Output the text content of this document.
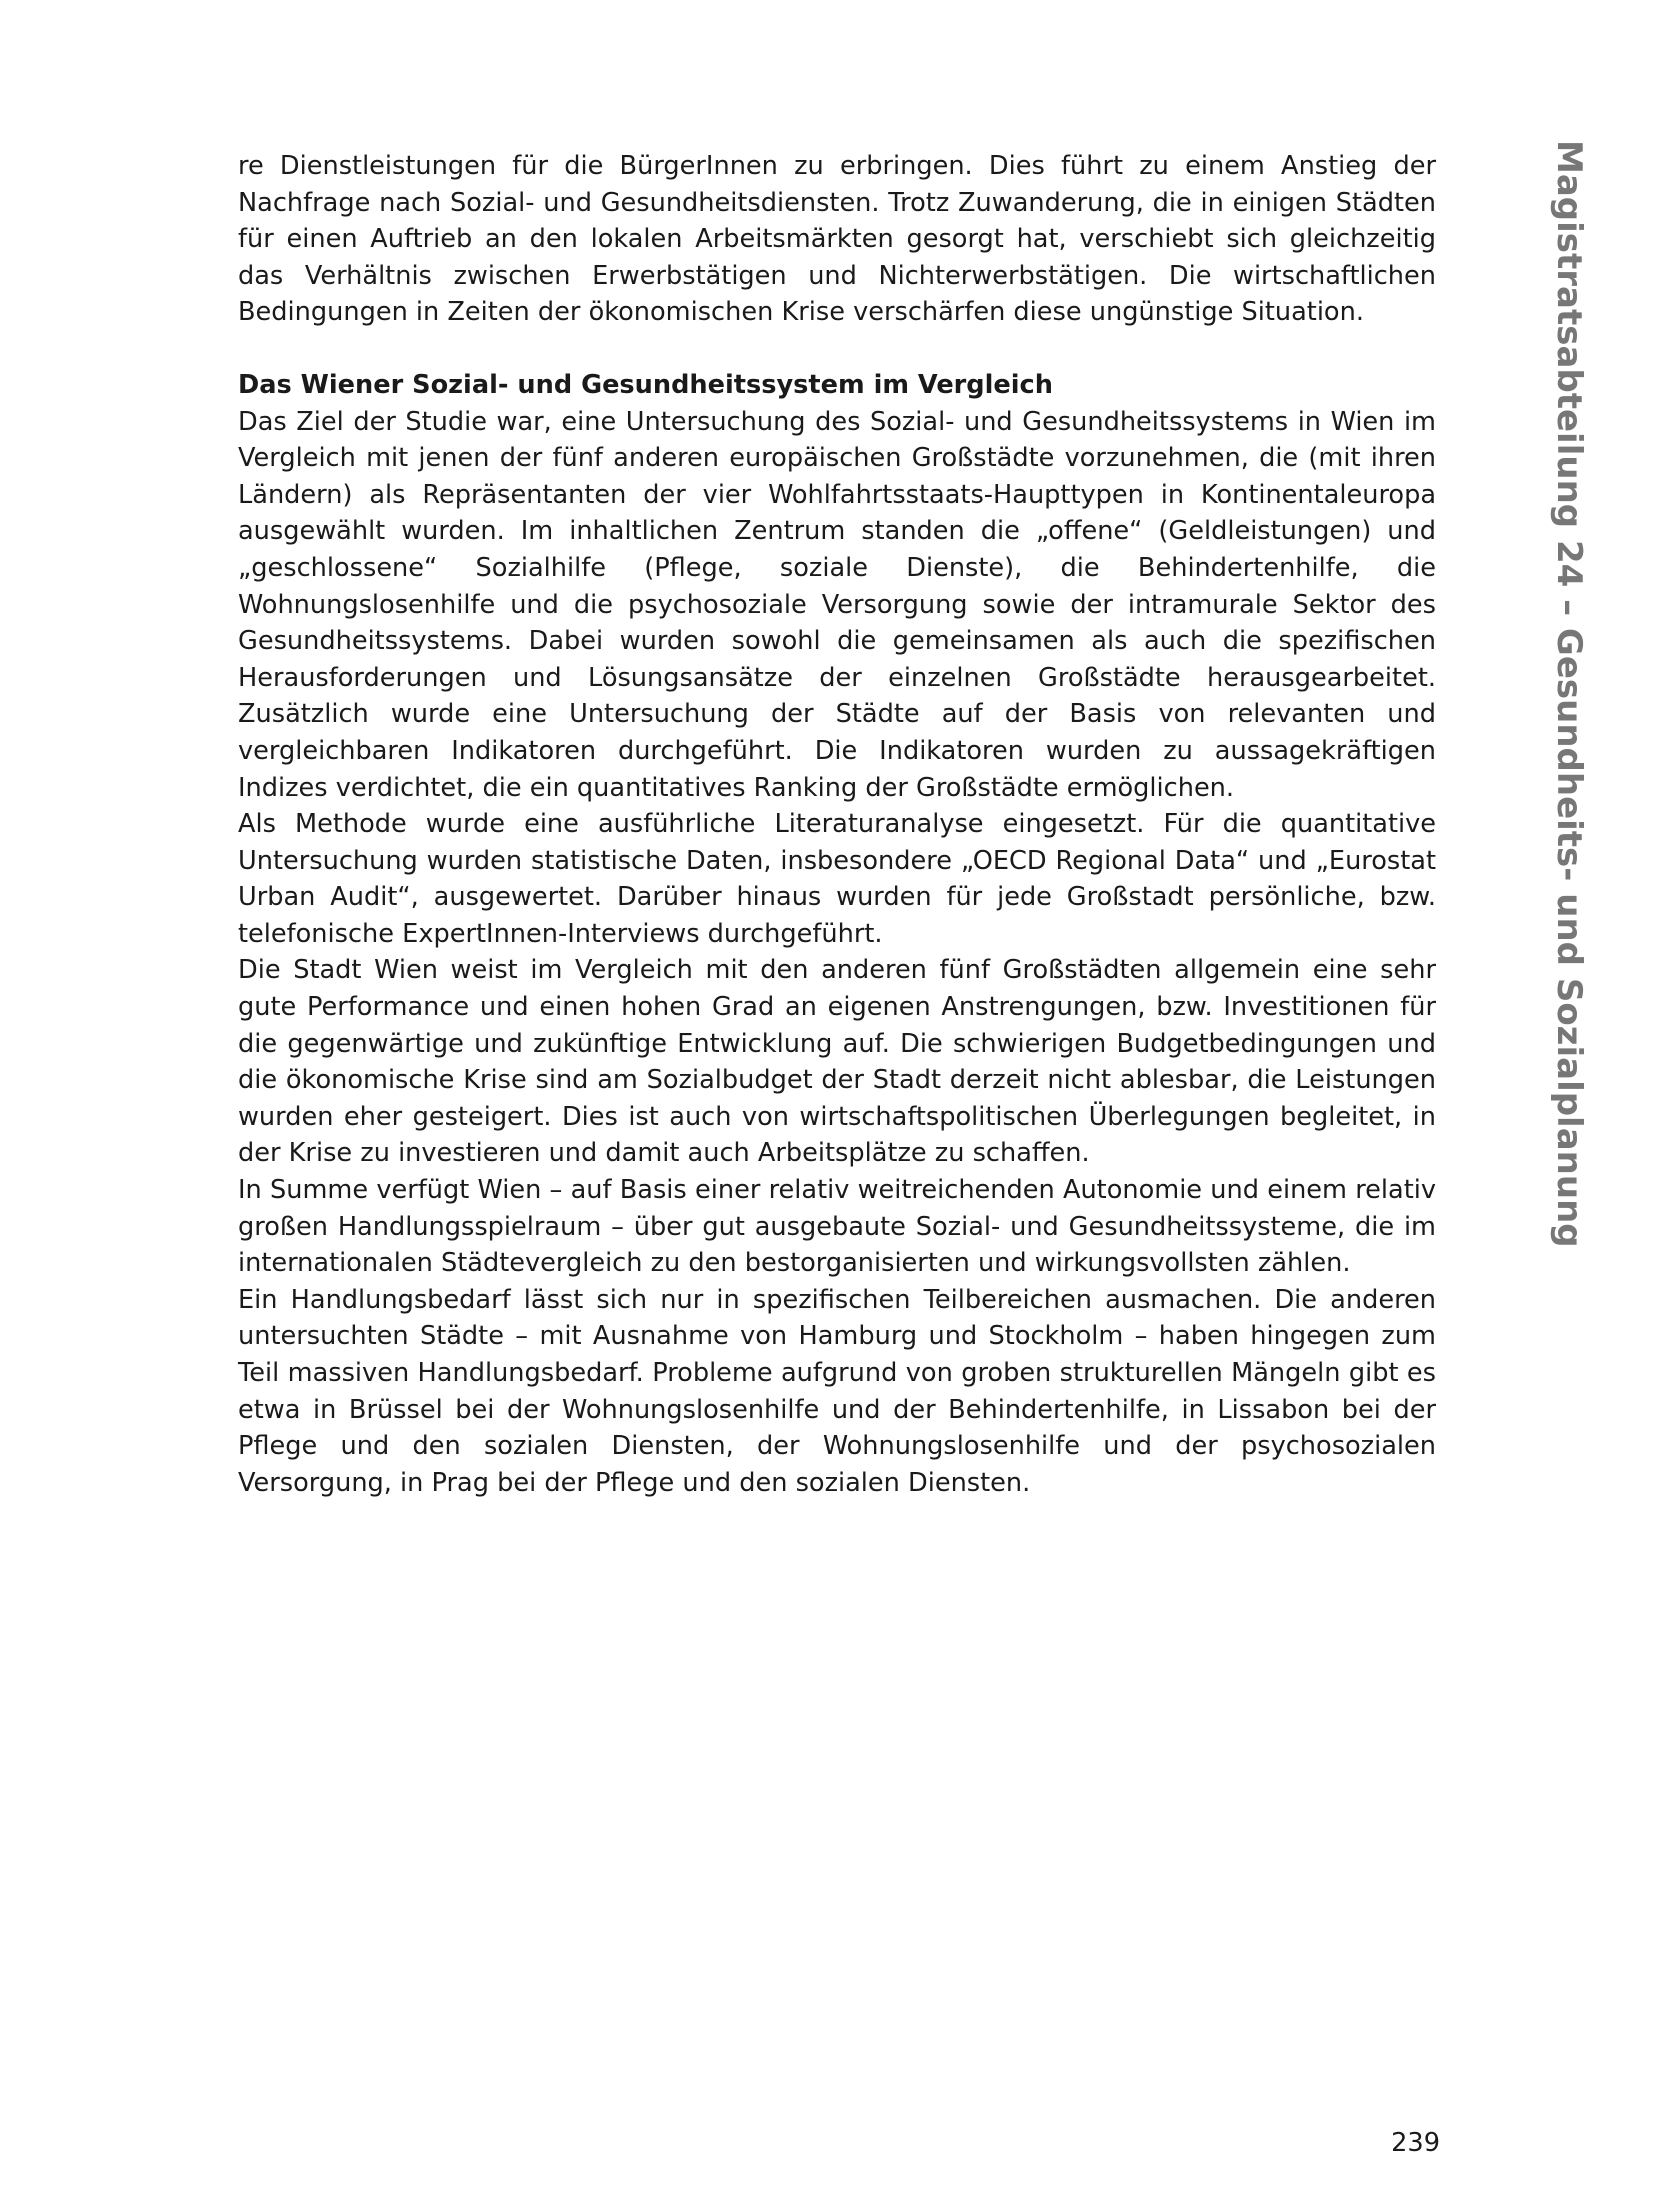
Magistratsabteilung 24 – Gesundheits- und Sozialplanung

re Dienstleistungen für die BürgerInnen zu erbringen. Dies führt zu einem Anstieg der Nachfrage nach Sozial- und Gesundheitsdiensten. Trotz Zuwanderung, die in einigen Städten für einen Auftrieb an den lokalen Arbeitsmärkten gesorgt hat, verschiebt sich gleichzeitig das Verhältnis zwischen Erwerbstätigen und Nichterwerbstätigen. Die wirtschaftlichen Bedingungen in Zeiten der ökonomischen Krise verschärfen diese ungünstige Situation.

Das Wiener Sozial- und Gesundheitssystem im Vergleich

Das Ziel der Studie war, eine Untersuchung des Sozial- und Gesundheitssystems in Wien im Vergleich mit jenen der fünf anderen europäischen Großstädte vorzunehmen, die (mit ihren Ländern) als Repräsentanten der vier Wohlfahrtsstaats-Haupttypen in Kontinentaleuropa ausgewählt wurden. Im inhaltlichen Zentrum standen die „offene“ (Geldleistungen) und „geschlossene“ Sozialhilfe (Pflege, soziale Dienste), die Behindertenhilfe, die Wohnungslosenhilfe und die psychosoziale Versorgung sowie der intramurale Sektor des Gesundheitssystems. Dabei wurden sowohl die gemeinsamen als auch die spezifischen Herausforderungen und Lösungsansätze der einzelnen Großstädte herausgearbeitet. Zusätzlich wurde eine Untersuchung der Städte auf der Basis von relevanten und vergleichbaren Indikatoren durchgeführt. Die Indikatoren wurden zu aussagekräftigen Indizes verdichtet, die ein quantitatives Ranking der Großstädte ermöglichen.

Als Methode wurde eine ausführliche Literaturanalyse eingesetzt. Für die quantitative Untersuchung wurden statistische Daten, insbesondere „OECD Regional Data“ und „Eurostat Urban Audit“, ausgewertet. Darüber hinaus wurden für jede Großstadt persönliche, bzw. telefonische ExpertInnen-Interviews durchgeführt.

Die Stadt Wien weist im Vergleich mit den anderen fünf Großstädten allgemein eine sehr gute Performance und einen hohen Grad an eigenen Anstrengungen, bzw. Investitionen für die gegenwärtige und zukünftige Entwicklung auf. Die schwierigen Budgetbedingungen und die ökonomische Krise sind am Sozialbudget der Stadt derzeit nicht ablesbar, die Leistungen wurden eher gesteigert. Dies ist auch von wirtschaftspolitischen Überlegungen begleitet, in der Krise zu investieren und damit auch Arbeitsplätze zu schaffen.

In Summe verfügt Wien – auf Basis einer relativ weitreichenden Autonomie und einem relativ großen Handlungsspielraum – über gut ausgebaute Sozial- und Gesundheitssysteme, die im internationalen Städtevergleich zu den bestorganisierten und wirkungsvollsten zählen.

Ein Handlungsbedarf lässt sich nur in spezifischen Teilbereichen ausmachen. Die anderen untersuchten Städte – mit Ausnahme von Hamburg und Stockholm – haben hingegen zum Teil massiven Handlungsbedarf. Probleme aufgrund von groben strukturellen Mängeln gibt es etwa in Brüssel bei der Wohnungslosenhilfe und der Behindertenhilfe, in Lissabon bei der Pflege und den sozialen Diensten, der Wohnungslosenhilfe und der psychosozialen Versorgung, in Prag bei der Pflege und den sozialen Diensten.

239
